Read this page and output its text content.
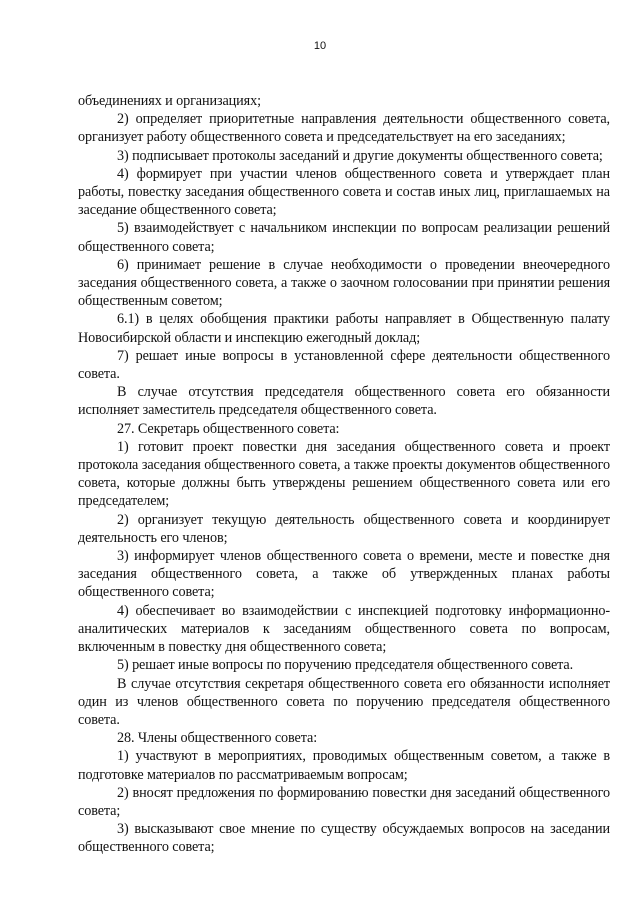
10

объединениях и организациях;

2) определяет приоритетные направления деятельности общественного совета, организует работу общественного совета и председательствует на его заседаниях;

3) подписывает протоколы заседаний и другие документы общественного совета;

4) формирует при участии членов общественного совета и утверждает план работы, повестку заседания общественного совета и состав иных лиц, приглашаемых на заседание общественного совета;

5) взаимодействует с начальником инспекции по вопросам реализации решений общественного совета;

6) принимает решение в случае необходимости о проведении внеочередного заседания общественного совета, а также о заочном голосовании при принятии решения общественным советом;

6.1) в целях обобщения практики работы направляет в Общественную палату Новосибирской области и инспекцию ежегодный доклад;

7) решает иные вопросы в установленной сфере деятельности общественного совета.

В случае отсутствия председателя общественного совета его обязанности исполняет заместитель председателя общественного совета.

27. Секретарь общественного совета:

1) готовит проект повестки дня заседания общественного совета и проект протокола заседания общественного совета, а также проекты документов общественного совета, которые должны быть утверждены решением общественного совета или его председателем;

2) организует текущую деятельность общественного совета и координирует деятельность его членов;

3) информирует членов общественного совета о времени, месте и повестке дня заседания общественного совета, а также об утвержденных планах работы общественного совета;

4) обеспечивает во взаимодействии с инспекцией подготовку информационно-аналитических материалов к заседаниям общественного совета по вопросам, включенным в повестку дня общественного совета;

5) решает иные вопросы по поручению председателя общественного совета.

В случае отсутствия секретаря общественного совета его обязанности исполняет один из членов общественного совета по поручению председателя общественного совета.

28. Члены общественного совета:

1) участвуют в мероприятиях, проводимых общественным советом, а также в подготовке материалов по рассматриваемым вопросам;

2) вносят предложения по формированию повестки дня заседаний общественного совета;

3) высказывают свое мнение по существу обсуждаемых вопросов на заседании общественного совета;
